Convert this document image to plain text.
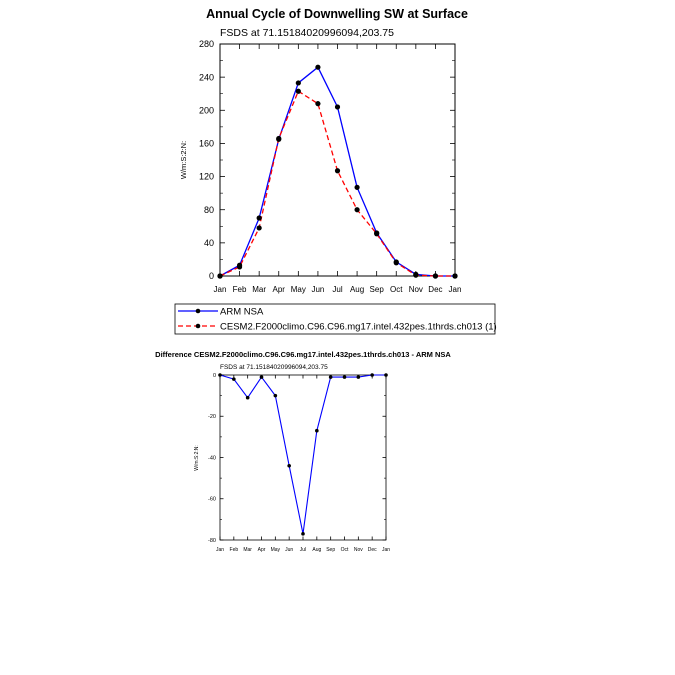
Annual Cycle of Downwelling SW at Surface
FSDS at 71.15184020996094,203.75
0
40
80
120
160
200
240
280
Jan Feb Mar Apr May Jun Jul Aug Sep Oct Nov Dec Jan
W/m:S:2:N:
ARM NSA
CESM2.F2000climo.C96.C96.mg17.intel.432pes.1thrds.ch013 (1)
Difference CESM2.F2000climo.C96.C96.mg17.intel.432pes.1thrds.ch013 - ARM NSA
FSDS at 71.15184020996094,203.75
0
-20
-40
-60
-80
Jan Feb Mar Apr May Jun Jul Aug Sep Oct Nov Dec Jan
W/m:S:2:N:
